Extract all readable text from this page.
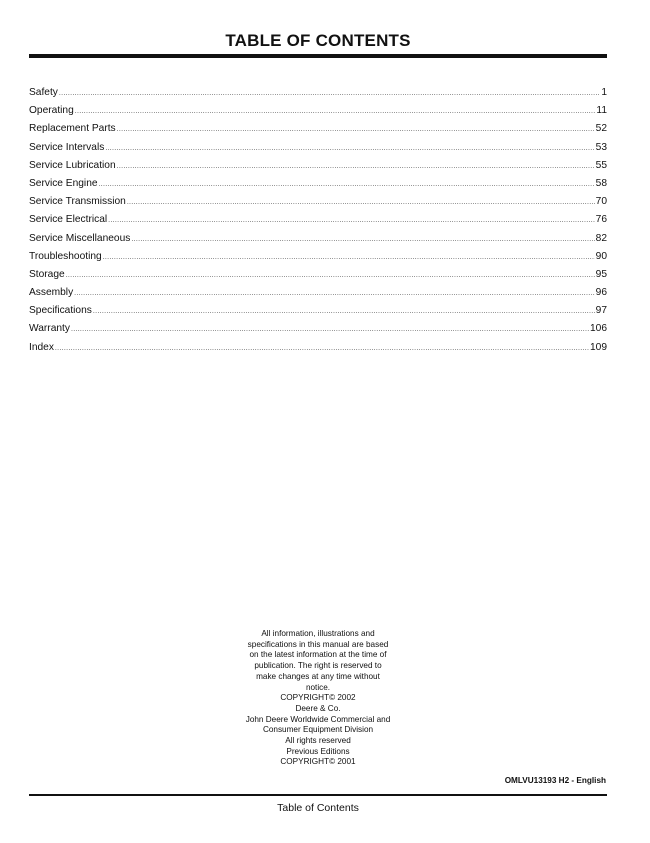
TABLE OF CONTENTS
Safety .....	1
Operating .....	11
Replacement Parts .....	52
Service Intervals .....	53
Service Lubrication .....	55
Service Engine .....	58
Service Transmission .....	70
Service Electrical .....	76
Service Miscellaneous .....	82
Troubleshooting .....	90
Storage .....	95
Assembly .....	96
Specifications .....	97
Warranty .....	106
Index .....	109
All information, illustrations and
specifications in this manual are based
on the latest information at the time of
publication. The right is reserved to
make changes at any time without
notice.
COPYRIGHT© 2002
Deere & Co.
John Deere Worldwide Commercial and
Consumer Equipment Division
All rights reserved
Previous Editions
COPYRIGHT© 2001
OMLVU13193 H2 - English
Table of Contents
